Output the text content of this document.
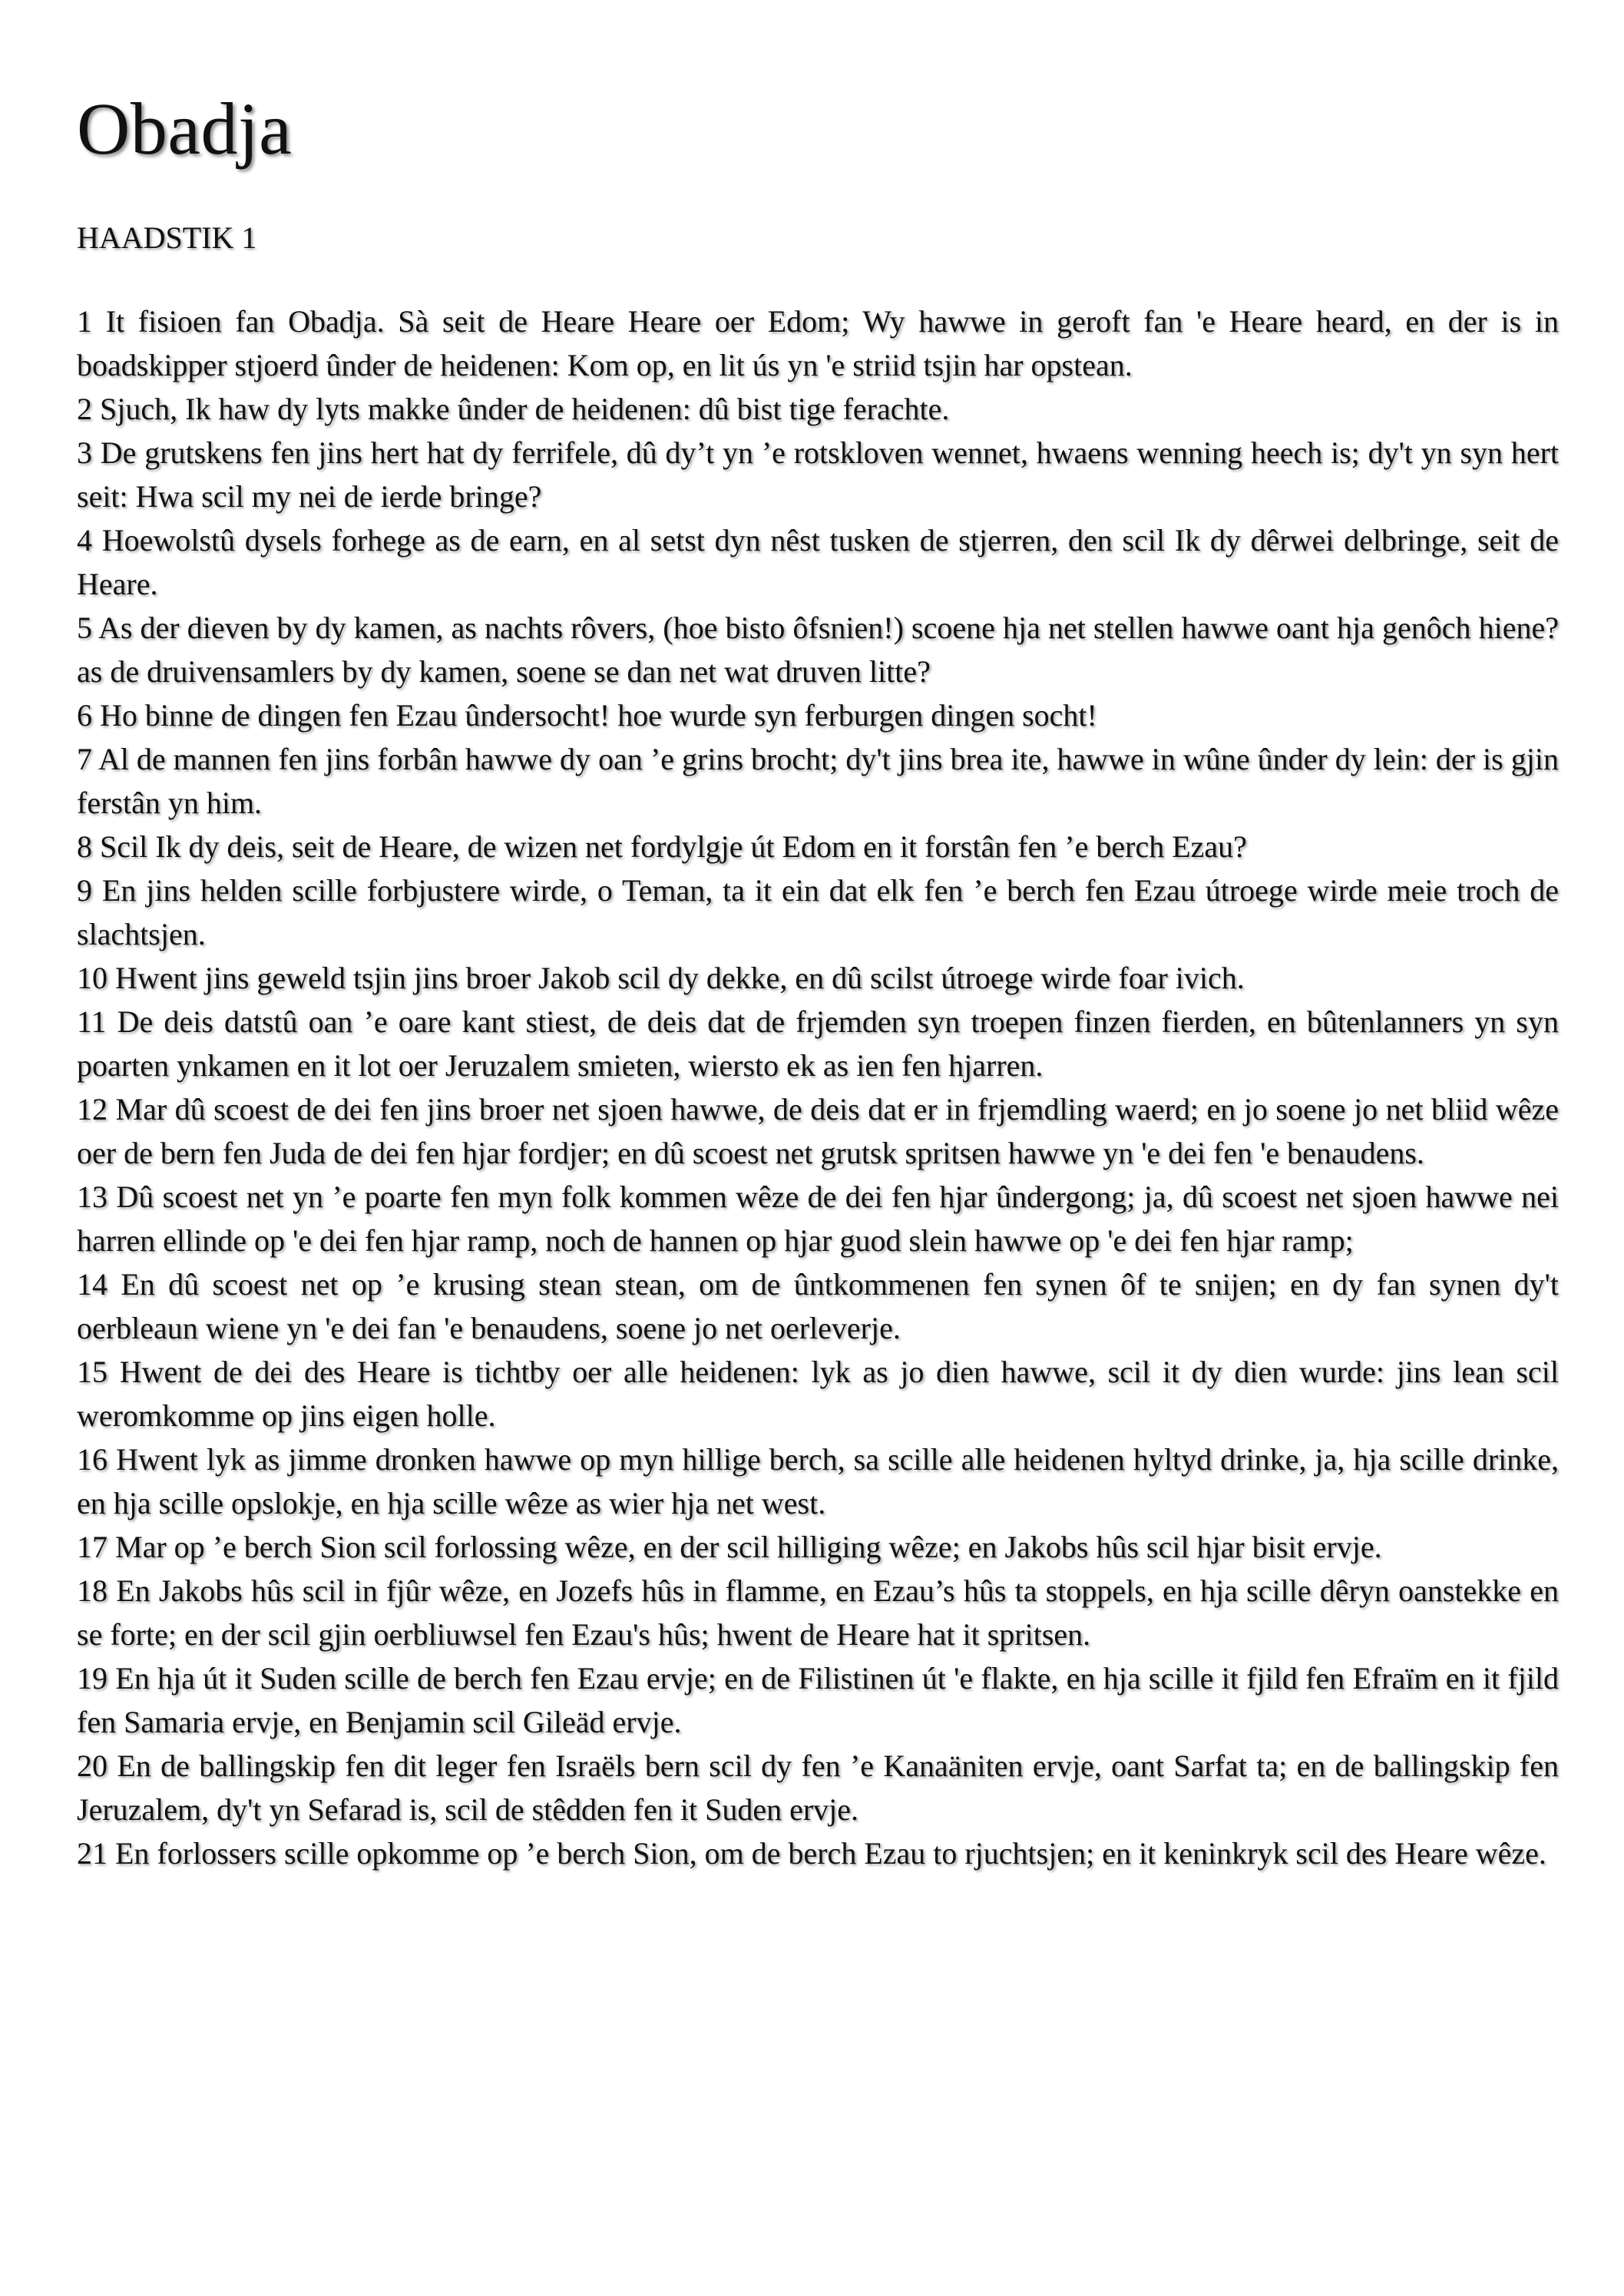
Obadja

HAADSTIK 1

1 It fisioen fan Obadja. Sà seit de Heare Heare oer Edom; Wy hawwe in geroft fan 'e Heare heard, en der is in boadskipper stjoerd ûnder de heidenen: Kom op, en lit ús yn 'e striid tsjin har opstean.
2 Sjuch, Ik haw dy lyts makke ûnder de heidenen: dû bist tige ferachte.
3 De grutskens fen jins hert hat dy ferrifele, dû dy’t yn ’e rotskloven wennet, hwaens wenning heech is; dy't yn syn hert seit: Hwa scil my nei de ierde bringe?
4 Hoewolstû dysels forhege as de earn, en al setst dyn nêst tusken de stjerren, den scil Ik dy dêrwei delbringe, seit de Heare.
5 As der dieven by dy kamen, as nachts rôvers, (hoe bisto ôfsnien!) scoene hja net stellen hawwe oant hja genôch hiene? as de druivensamlers by dy kamen, soene se dan net wat druven litte?
6 Ho binne de dingen fen Ezau ûndersocht! hoe wurde syn ferburgen dingen socht!
7 Al de mannen fen jins forbân hawwe dy oan ’e grins brocht; dy't jins brea ite, hawwe in wûne ûnder dy lein: der is gjin ferstân yn him.
8 Scil Ik dy deis, seit de Heare, de wizen net fordylgje út Edom en it forstân fen ’e berch Ezau?
9 En jins helden scille forbjustere wirde, o Teman, ta it ein dat elk fen ’e berch fen Ezau útroege wirde meie troch de slachtsjen.
10 Hwent jins geweld tsjin jins broer Jakob scil dy dekke, en dû scilst útroege wirde foar ivich.
11 De deis datstû oan ’e oare kant stiest, de deis dat de frjemden syn troepen finzen fierden, en bûtenlanners yn syn poarten ynkamen en it lot oer Jeruzalem smieten, wiersto ek as ien fen hjarren.
12 Mar dû scoest de dei fen jins broer net sjoen hawwe, de deis dat er in frjemdling waerd; en jo soene jo net bliid wêze oer de bern fen Juda de dei fen hjar fordjer; en dû scoest net grutsk spritsen hawwe yn 'e dei fen 'e benaudens.
13 Dû scoest net yn ’e poarte fen myn folk kommen wêze de dei fen hjar ûndergong; ja, dû scoest net sjoen hawwe nei harren ellinde op 'e dei fen hjar ramp, noch de hannen op hjar guod slein hawwe op 'e dei fen hjar ramp;
14 En dû scoest net op ’e krusing stean stean, om de ûntkommenen fen synen ôf te snijen; en dy fan synen dy't oerbleaun wiene yn 'e dei fan 'e benaudens, soene jo net oerleverje.
15 Hwent de dei des Heare is tichtby oer alle heidenen: lyk as jo dien hawwe, scil it dy dien wurde: jins lean scil weromkomme op jins eigen holle.
16 Hwent lyk as jimme dronken hawwe op myn hillige berch, sa scille alle heidenen hyltyd drinke, ja, hja scille drinke, en hja scille opslokje, en hja scille wêze as wier hja net west.
17 Mar op ’e berch Sion scil forlossing wêze, en der scil hilliging wêze; en Jakobs hûs scil hjar bisit ervje.
18 En Jakobs hûs scil in fjûr wêze, en Jozefs hûs in flamme, en Ezau’s hûs ta stoppels, en hja scille dêryn oanstekke en se forte; en der scil gjin oerbliuwsel fen Ezau's hûs; hwent de Heare hat it spritsen.
19 En hja út it Suden scille de berch fen Ezau ervje; en de Filistinen út 'e flakte, en hja scille it fjild fen Efraïm en it fjild fen Samaria ervje, en Benjamin scil Gileäd ervje.
20 En de ballingskip fen dit leger fen Israëls bern scil dy fen ’e Kanaäniten ervje, oant Sarfat ta; en de ballingskip fen Jeruzalem, dy't yn Sefarad is, scil de stêdden fen it Suden ervje.
21 En forlossers scille opkomme op ’e berch Sion, om de berch Ezau to rjuchtsjen; en it keninkryk scil des Heare wêze.
